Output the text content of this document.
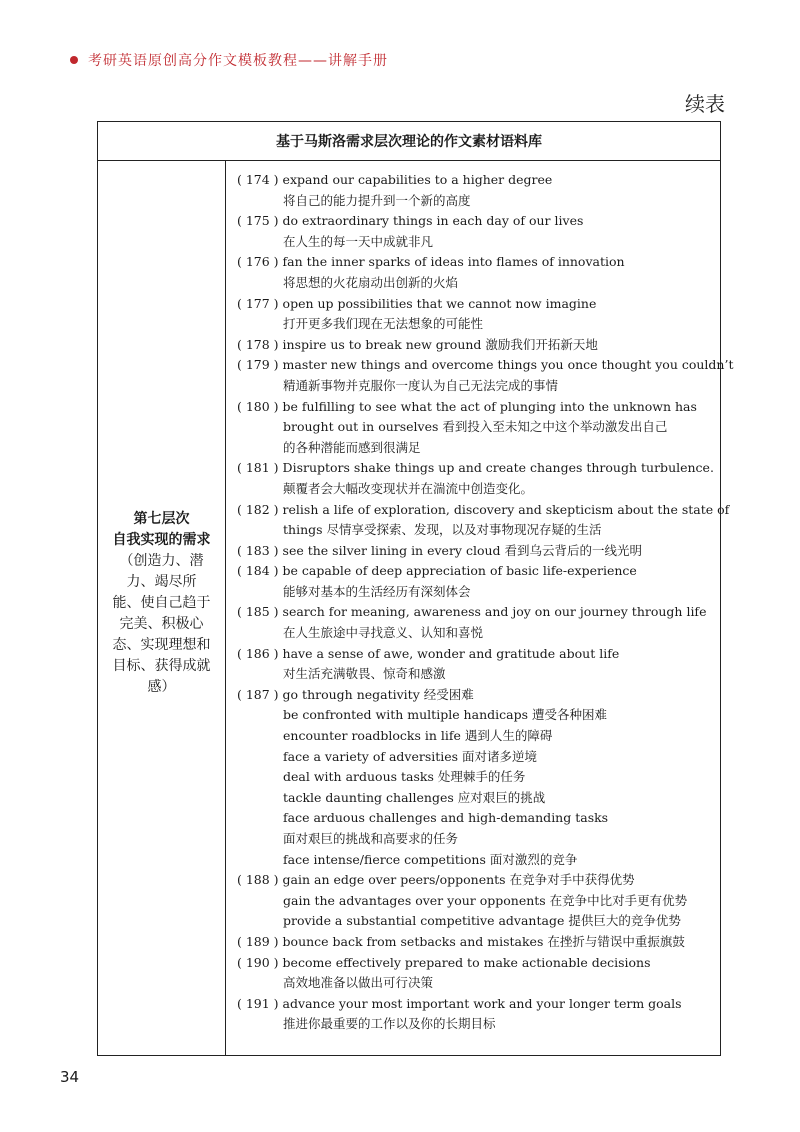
考研英语原创高分作文模板教程——讲解手册
续表
基于马斯洛需求层次理论的作文素材语料库
第七层次
自我实现的需求
（创造力、潜
力、竭尽所
能、使自己趋于
完美、积极心
态、实现理想和
目标、获得成就
感）
( 174 ) expand our capabilities to a higher degree
将自己的能力提升到一个新的高度
( 175 ) do extraordinary things in each day of our lives
在人生的每一天中成就非凡
( 176 ) fan the inner sparks of ideas into flames of innovation
将思想的火花扇动出创新的火焰
( 177 ) open up possibilities that we cannot now imagine
打开更多我们现在无法想象的可能性
( 178 ) inspire us to break new ground 激励我们开拓新天地
( 179 ) master new things and overcome things you once thought you couldn’t
精通新事物并克服你一度认为自己无法完成的事情
( 180 ) be fulfilling to see what the act of plunging into the unknown has
brought out in ourselves 看到投入至未知之中这个举动激发出自己
的各种潜能而感到很满足
( 181 ) Disruptors shake things up and create changes through turbulence.
颠覆者会大幅改变现状并在湍流中创造变化。
( 182 ) relish a life of exploration, discovery and skepticism about the state of
things 尽情享受探索、发现，以及对事物现况存疑的生活
( 183 ) see the silver lining in every cloud 看到乌云背后的一线光明
( 184 ) be capable of deep appreciation of basic life-experience
能够对基本的生活经历有深刻体会
( 185 ) search for meaning, awareness and joy on our journey through life
在人生旅途中寻找意义、认知和喜悦
( 186 ) have a sense of awe, wonder and gratitude about life
对生活充满敬畏、惊奇和感激
( 187 ) go through negativity 经受困难
be confronted with multiple handicaps 遭受各种困难
encounter roadblocks in life 遇到人生的障碍
face a variety of adversities 面对诸多逆境
deal with arduous tasks 处理棘手的任务
tackle daunting challenges 应对艰巨的挑战
face arduous challenges and high-demanding tasks
面对艰巨的挑战和高要求的任务
face intense/fierce competitions 面对激烈的竞争
( 188 ) gain an edge over peers/opponents 在竞争对手中获得优势
gain the advantages over your opponents 在竞争中比对手更有优势
provide a substantial competitive advantage 提供巨大的竞争优势
( 189 ) bounce back from setbacks and mistakes 在挫折与错误中重振旗鼓
( 190 ) become effectively prepared to make actionable decisions
高效地准备以做出可行决策
( 191 ) advance your most important work and your longer term goals
推进你最重要的工作以及你的长期目标
34
